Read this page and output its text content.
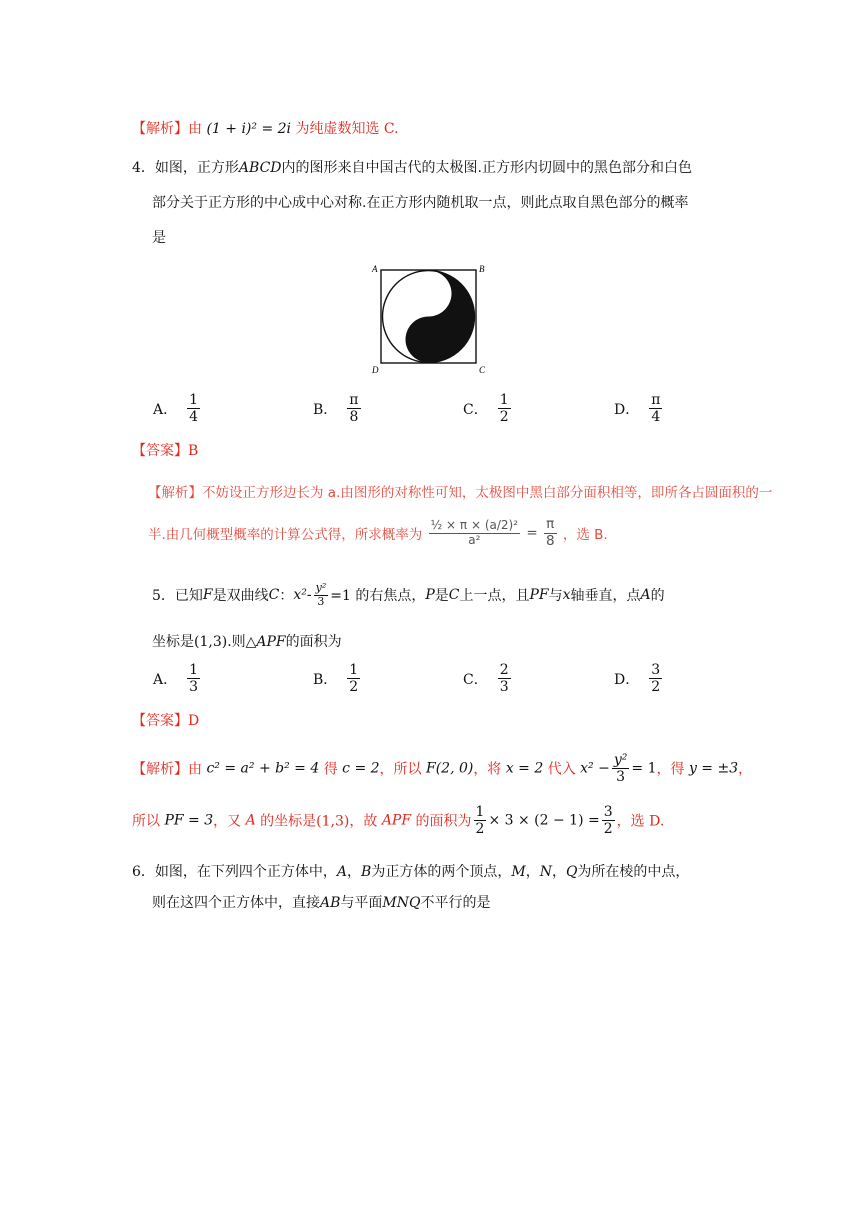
【解析】由 (1 + i)² = 2i 为纯虚数知选 C.
4．如图，正方形ABCD内的图形来自中国古代的太极图.正方形内切圆中的黑色部分和白色
部分关于正方形的中心成中心对称.在正方形内随机取一点，则此点取自黑色部分的概率
是
A	B
D	C
A． $\frac{1}{4}$	B． $\frac{\pi}{8}$	C． $\frac{1}{2}$	D． $\frac{\pi}{4}$
【答案】B
【解析】不妨设正方形边长为 a.由图形的对称性可知，太极图中黑白部分面积相等，即所各占圆面积的一
半.由几何概型概率的计算公式得，所求概率为 $\frac{\text{½ × π × (a/2)²}}{\text{a²}} = \frac{\pi}{8}$ ，选 B.
5．已知F是双曲线C：$x^2- \frac{\text{y²}}{3} =1$ 的右焦点，P是C上一点，且PF与x轴垂直，点A的
坐标是(1,3).则△APF的面积为
A． $\frac{1}{3}$	B． $\frac{1}{2}$	C． $\frac{2}{3}$	D． $\frac{3}{2}$
【答案】D
【解析】由 c² = a² + b² = 4 得 c = 2，所以 F(2, 0)，将 x = 2 代入 $x^2 - \frac{\text{y²}}{3} = 1$，得 y = ±3，
所以 PF = 3，又 A 的坐标是(1,3)，故 APF 的面积为 $\frac{1}{2} \times 3 \times (2 - 1) = \frac{3}{2}$ ，选 D.
6．如图，在下列四个正方体中，A，B为正方体的两个顶点，M，N，Q为所在棱的中点，
则在这四个正方体中，直接AB与平面MNQ不平行的是
